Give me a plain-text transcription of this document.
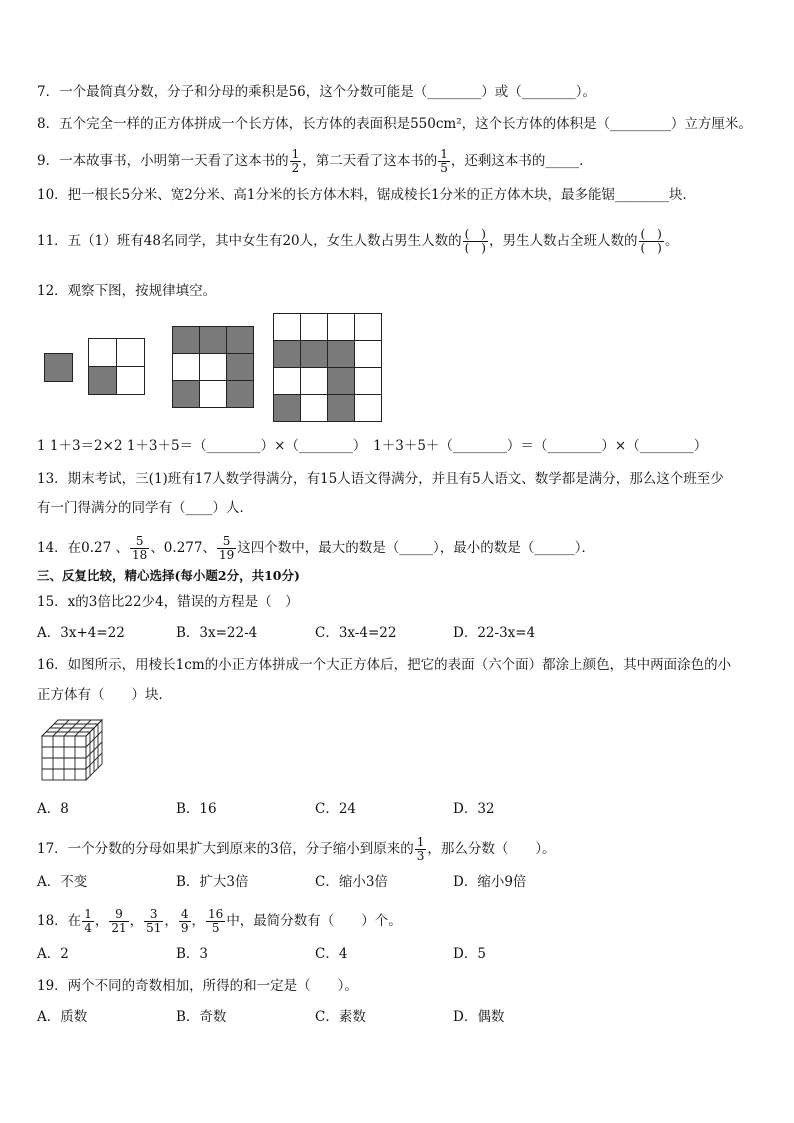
7．一个最简真分数，分子和分母的乘积是56，这个分数可能是（________）或（________）。
8．五个完全一样的正方体拼成一个长方体，长方体的表面积是550cm²，这个长方体的体积是（_________）立方厘米。
9．一本故事书，小明第一天看了这本书的 $\frac{1}{2}$ ，第二天看了这本书的 $\frac{1}{5}$ ，还剩这本书的_____．
10．把一根长5分米、宽2分米、高1分米的长方体木料，锯成棱长1分米的正方体木块，最多能锯________块．
11．五（1）班有48名同学，其中女生有20人，女生人数占男生人数的 (　)
(　) ，男生人数占全班人数的 (　)
(　) 。
12．观察下图，按规律填空。

1 1＋3＝2×2 1＋3＋5＝（________）×（________）　1＋3＋5＋（________）＝（________）×（________）
13．期末考试，三(1)班有17人数学得满分，有15人语文得满分，并且有5人语文、数学都是满分，那么这个班至少
有一门得满分的同学有（____）人．
14．在0.27 、 $\frac{5}{18}$ 、0.277、 $\frac{5}{19}$ 这四个数中，最大的数是（_____），最小的数是（______）．
三、反复比较，精心选择(每小题2分，共10分)
15．x的3倍比22少4，错误的方程是（　）
A．3x+4=22	B．3x=22-4	C．3x-4=22	D．22-3x=4
16．如图所示，用棱长1cm的小正方体拼成一个大正方体后，把它的表面（六个面）都涂上颜色，其中两面涂色的小
正方体有（　　）块．
A．8	B．16	C．24	D．32
17．一个分数的分母如果扩大到原来的3倍，分子缩小到原来的 $\frac{1}{3}$ ，那么分数（　　）。
A．不变	B．扩大3倍	C．缩小3倍	D．缩小9倍
18．在 $\frac{1}{4}$ ， $\frac{9}{21}$ ， $\frac{3}{51}$ ， $\frac{4}{9}$ ， $\frac{16}{5}$ 中，最简分数有（　　）个。
A．2	B．3	C．4	D．5
19．两个不同的奇数相加，所得的和一定是（　　）。
A．质数	B．奇数	C．素数	D．偶数
